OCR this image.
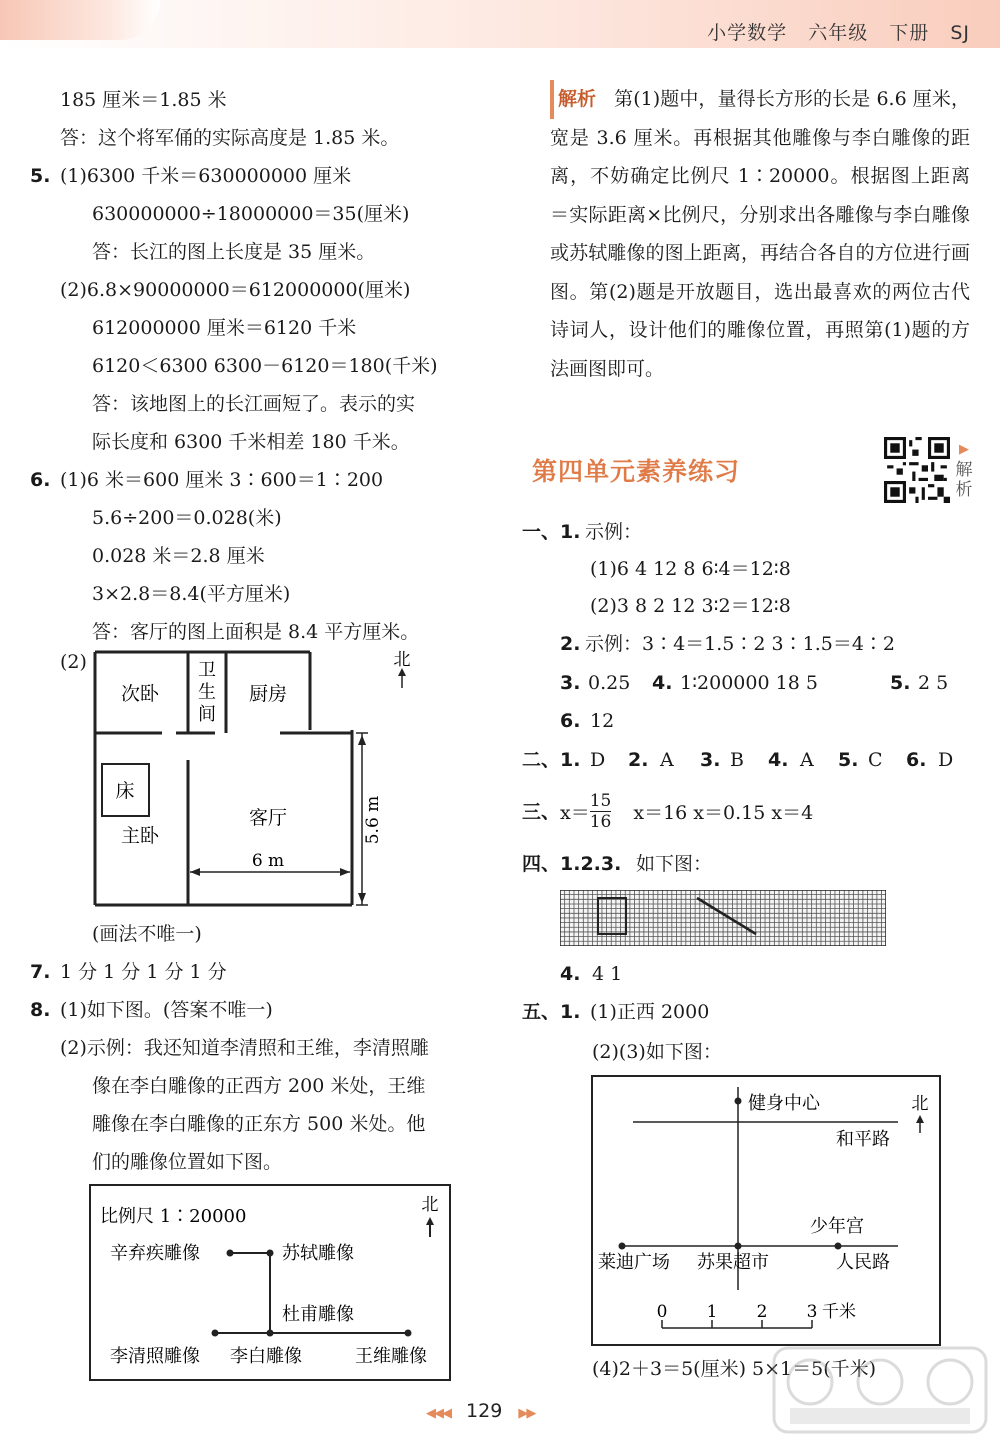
小学数学 六年级 下册 SJ
185 厘米＝1.85 米
答：这个将军俑的实际高度是 1.85 米。
5. (1)6300 千米＝630000000 厘米
630000000÷18000000＝35(厘米)
答：长江的图上长度是 35 厘米。
(2)6.8×90000000＝612000000(厘米)
612000000 厘米＝6120 千米
6120＜6300 6300－6120＝180(千米)
答：该地图上的长江画短了。表示的实
际长度和 6300 千米相差 180 千米。
6. (1)6 米＝600 厘米 3∶600＝1∶200
5.6÷200＝0.028(米)
0.028 米＝2.8 厘米
3×2.8＝8.4(平方厘米)
答：客厅的图上面积是 8.4 平方厘米。
(2)	北
次卧
卫
生
间
厨房
床
主卧
客厅
6 m
5.6 m
(画法不唯一)
7. 1 分 1 分 1 分 1 分
8. (1)如下图。(答案不唯一)
(2)示例：我还知道李清照和王维，李清照雕
像在李白雕像的正西方 200 米处，王维
雕像在李白雕像的正东方 500 米处。他
们的雕像位置如下图。
比例尺 1∶20000
北
辛弃疾雕像	苏轼雕像
杜甫雕像
李清照雕像 李白雕像	王维雕像
解析 第(1)题中，量得长方形的长是 6.6 厘米，宽是 3.6 厘米。再根据其他雕像与李白雕像的距离，不妨确定比例尺 1∶20000。根据图上距离＝实际距离×比例尺，分别求出各雕像与李白雕像或苏轼雕像的图上距离，再结合各自的方位进行画图。第(2)题是开放题目，选出最喜欢的两位古代诗词人，设计他们的雕像位置，再照第(1)题的方法画图即可。
第四单元素养练习
▶
解
析
一、 1. 示例：
(1)6 4 12 8 6∶4＝12∶8
(2)3 8 2 12 3∶2＝12∶8
2. 示例：3∶4＝1.5∶2 3∶1.5＝4∶2
3. 0.25 4. 1∶200000 18 5	5. 2 5
6. 12
二、 1. D 2. A 3. B 4. A 5. C 6. D
三、 $x= \frac{15}{16} x=16$ x＝0.15 x＝4
四、 1.2.3. 如下图：
4. 4 1
五、 1. (1)正西 2000
(2)(3)如下图：
北
健身中心
和平路
少年宫
莱迪广场 苏果超市	人民路
0 1 2 3 千米
(4)2＋3＝5(厘米) 5×1＝5(千米)
◀◀◀ 129 ▶▶
